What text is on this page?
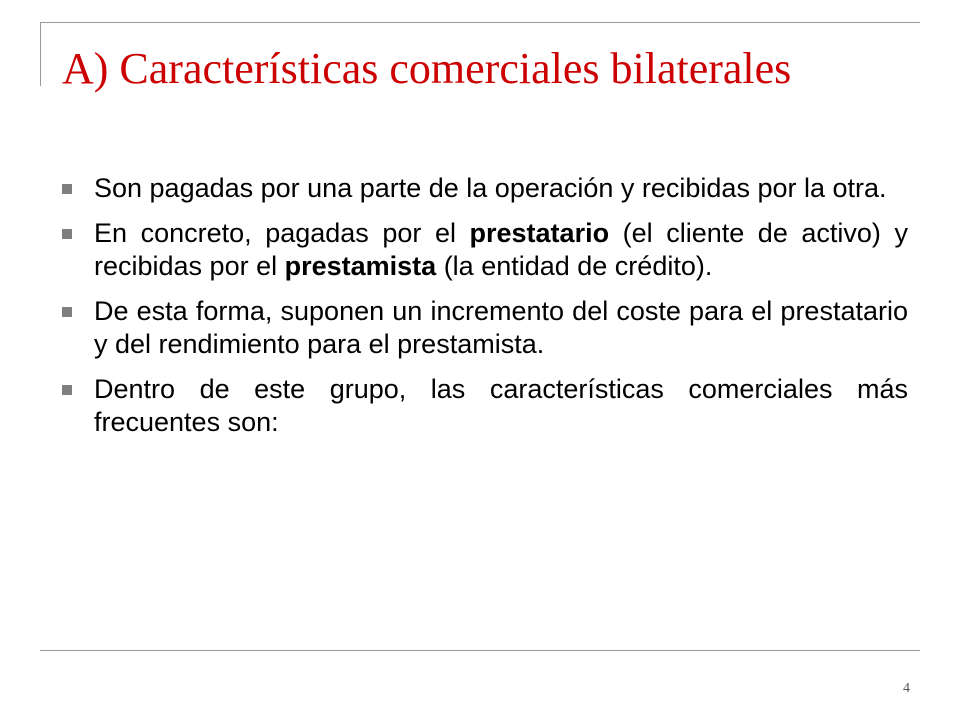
A) Características comerciales bilaterales
Son pagadas por una parte de la operación y recibidas por la otra.
En concreto, pagadas por el prestatario (el cliente de activo) y recibidas por el prestamista (la entidad de crédito).
De esta forma, suponen un incremento del coste para el prestatario y del rendimiento para el prestamista.
Dentro de este grupo, las características comerciales más frecuentes son:
4
